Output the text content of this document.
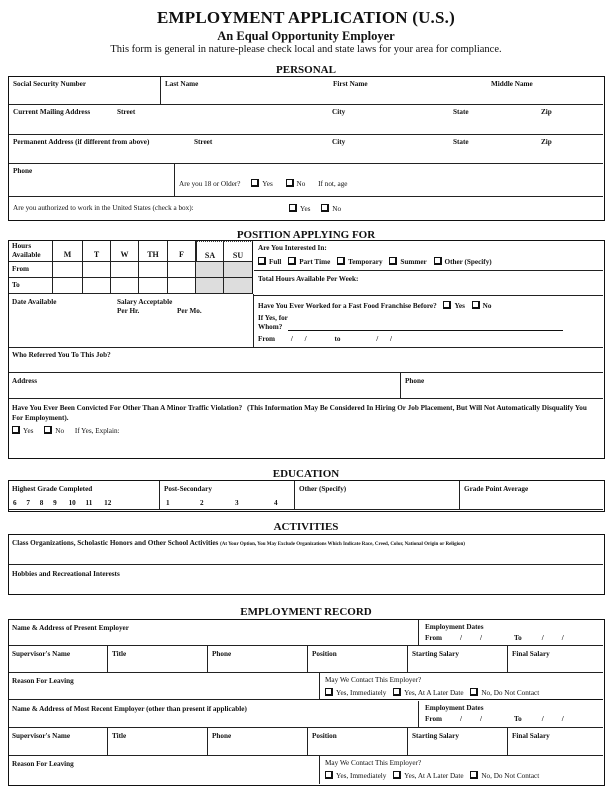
EMPLOYMENT APPLICATION (U.S.)
An Equal Opportunity Employer
This form is general in nature-please check local and state laws for your area for compliance.
PERSONAL
Social Security Number	Last Name	First Name	Middle Name
Current Mailing Address	Street	City	State	Zip
Permanent Address (if different from above)	Street	City	State	Zip
Phone
Are you 18 or Older?	Yes	No If not, age
Are you authorized to work in the United States (check a box):	Yes	No
POSITION APPLYING FOR
Hours Available	M	T	W	TH	F	SA	SU
From
To
Date Available	Salary Acceptable
Per Hr.	Per Mo.
Are You Interested In:
Full Part Time Temporary Summer Other (Specify)
Total Hours Available Per Week:
Have You Ever Worked for a Fast Food Franchise Before? Yes No
If Yes, for
Whom?
From / /	to	/ /
Who Referred You To This Job?
Address	Phone
Have You Ever Been Convicted For Other Than A Minor Traffic Violation? (This Information May Be Considered In Hiring Or Job Placement, But Will Not Automatically Disqualify You For Employment).
Yes	No If Yes, Explain:
EDUCATION
Highest Grade Completed
6 7 8 9 10 11 12
Post-Secondary
1	2	3	4
Other (Specify)	Grade Point Average
ACTIVITIES
Class Organizations, Scholastic Honors and Other School Activities (At Your Option, You May Exclude Organizations Which Indicate Race, Creed, Color, National Origin or Religion)
Hobbies and Recreational Interests
EMPLOYMENT RECORD
Name & Address of Present Employer	Employment Dates
From	/	/	To	/	/
Supervisor's Name	Title	Phone	Position	Starting Salary	Final Salary
Reason For Leaving	May We Contact This Employer?
Yes, Immediately Yes, At A Later Date No, Do Not Contact
Name & Address of Most Recent Employer (other than present if applicable)	Employment Dates
From	/	/	To	/	/
Supervisor's Name	Title	Phone	Position	Starting Salary	Final Salary
Reason For Leaving	May We Contact This Employer?
Yes, Immediately Yes, At A Later Date No, Do Not Contact
